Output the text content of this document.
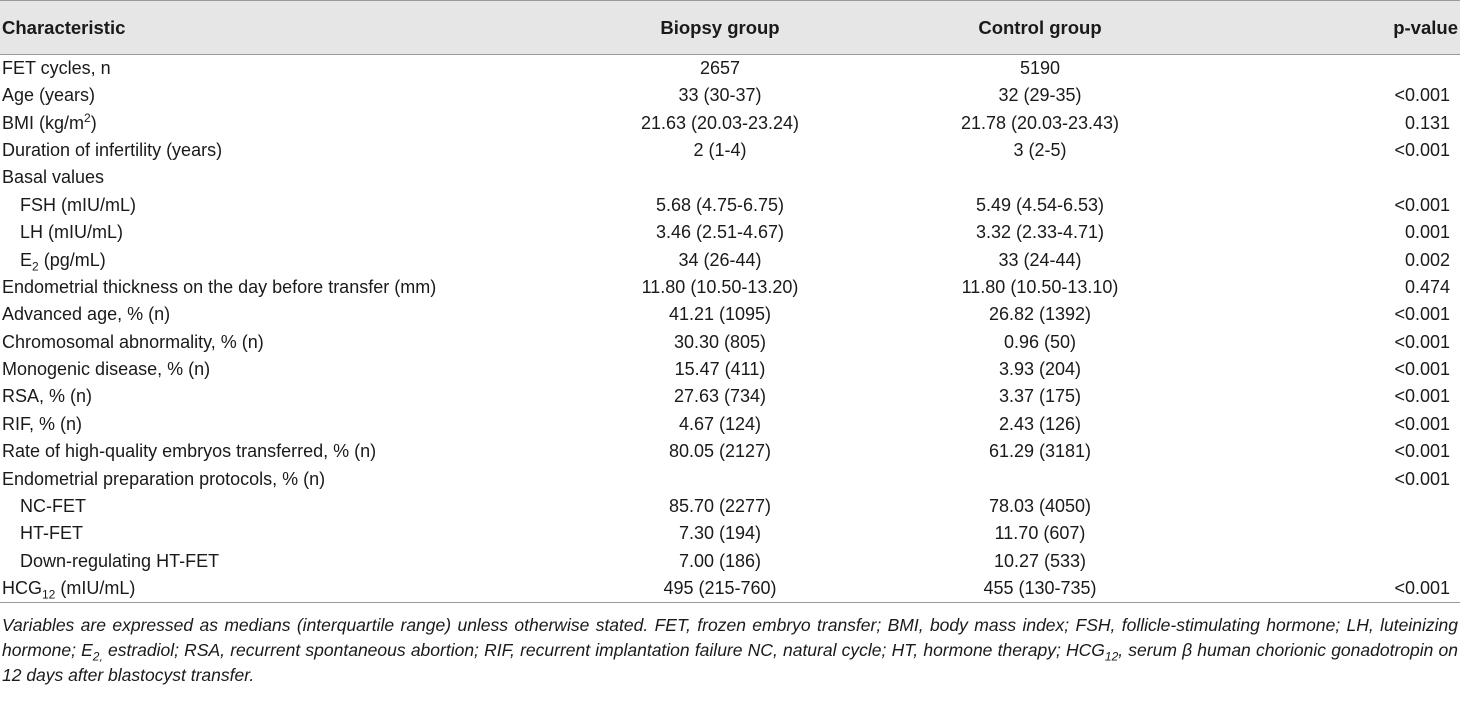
Characteristic	Biopsy group	Control group	p-value
FET cycles, n	2657	5190	
Age (years)	33 (30-37)	32 (29-35)	<0.001
BMI $(kg/m^2)$	21.63 (20.03-23.24)	21.78 (20.03-23.43)	0.131
Duration of infertility (years)	2 (1-4)	3 (2-5)	<0.001
Basal values			
FSH (mIU/mL)	5.68 (4.75-6.75)	5.49 (4.54-6.53)	<0.001
LH (mIU/mL)	3.46 (2.51-4.67)	3.32 (2.33-4.71)	0.001
$E_2$ (pg/mL)	34 (26-44)	33 (24-44)	0.002
Endometrial thickness on the day before transfer (mm)	11.80 (10.50-13.20)	11.80 (10.50-13.10)	0.474
Advanced age, % (n)	41.21 (1095)	26.82 (1392)	<0.001
Chromosomal abnormality, % (n)	30.30 (805)	0.96 (50)	<0.001
Monogenic disease, % (n)	15.47 (411)	3.93 (204)	<0.001
RSA, % (n)	27.63 (734)	3.37 (175)	<0.001
RIF, % (n)	4.67 (124)	2.43 (126)	<0.001
Rate of high-quality embryos transferred, % (n)	80.05 (2127)	61.29 (3181)	<0.001
Endometrial preparation protocols, % (n)			<0.001
NC-FET	85.70 (2277)	78.03 (4050)	
HT-FET	7.30 (194)	11.70 (607)	
Down-regulating HT-FET	7.00 (186)	10.27 (533)	
$HCG_{12}$ (mIU/mL)	495 (215-760)	455 (130-735)	<0.001
Variables are expressed as medians (interquartile range) unless otherwise stated. FET, frozen embryo transfer; BMI, body mass index; FSH, follicle-stimulating hormone; LH, luteinizing hormone; $E_{2,}$ estradiol; RSA, recurrent spontaneous abortion; RIF, recurrent implantation failure NC, natural cycle; HT, hormone therapy; $HCG_{12}$, serum β human chorionic gonadotropin on 12 days after blastocyst transfer.
